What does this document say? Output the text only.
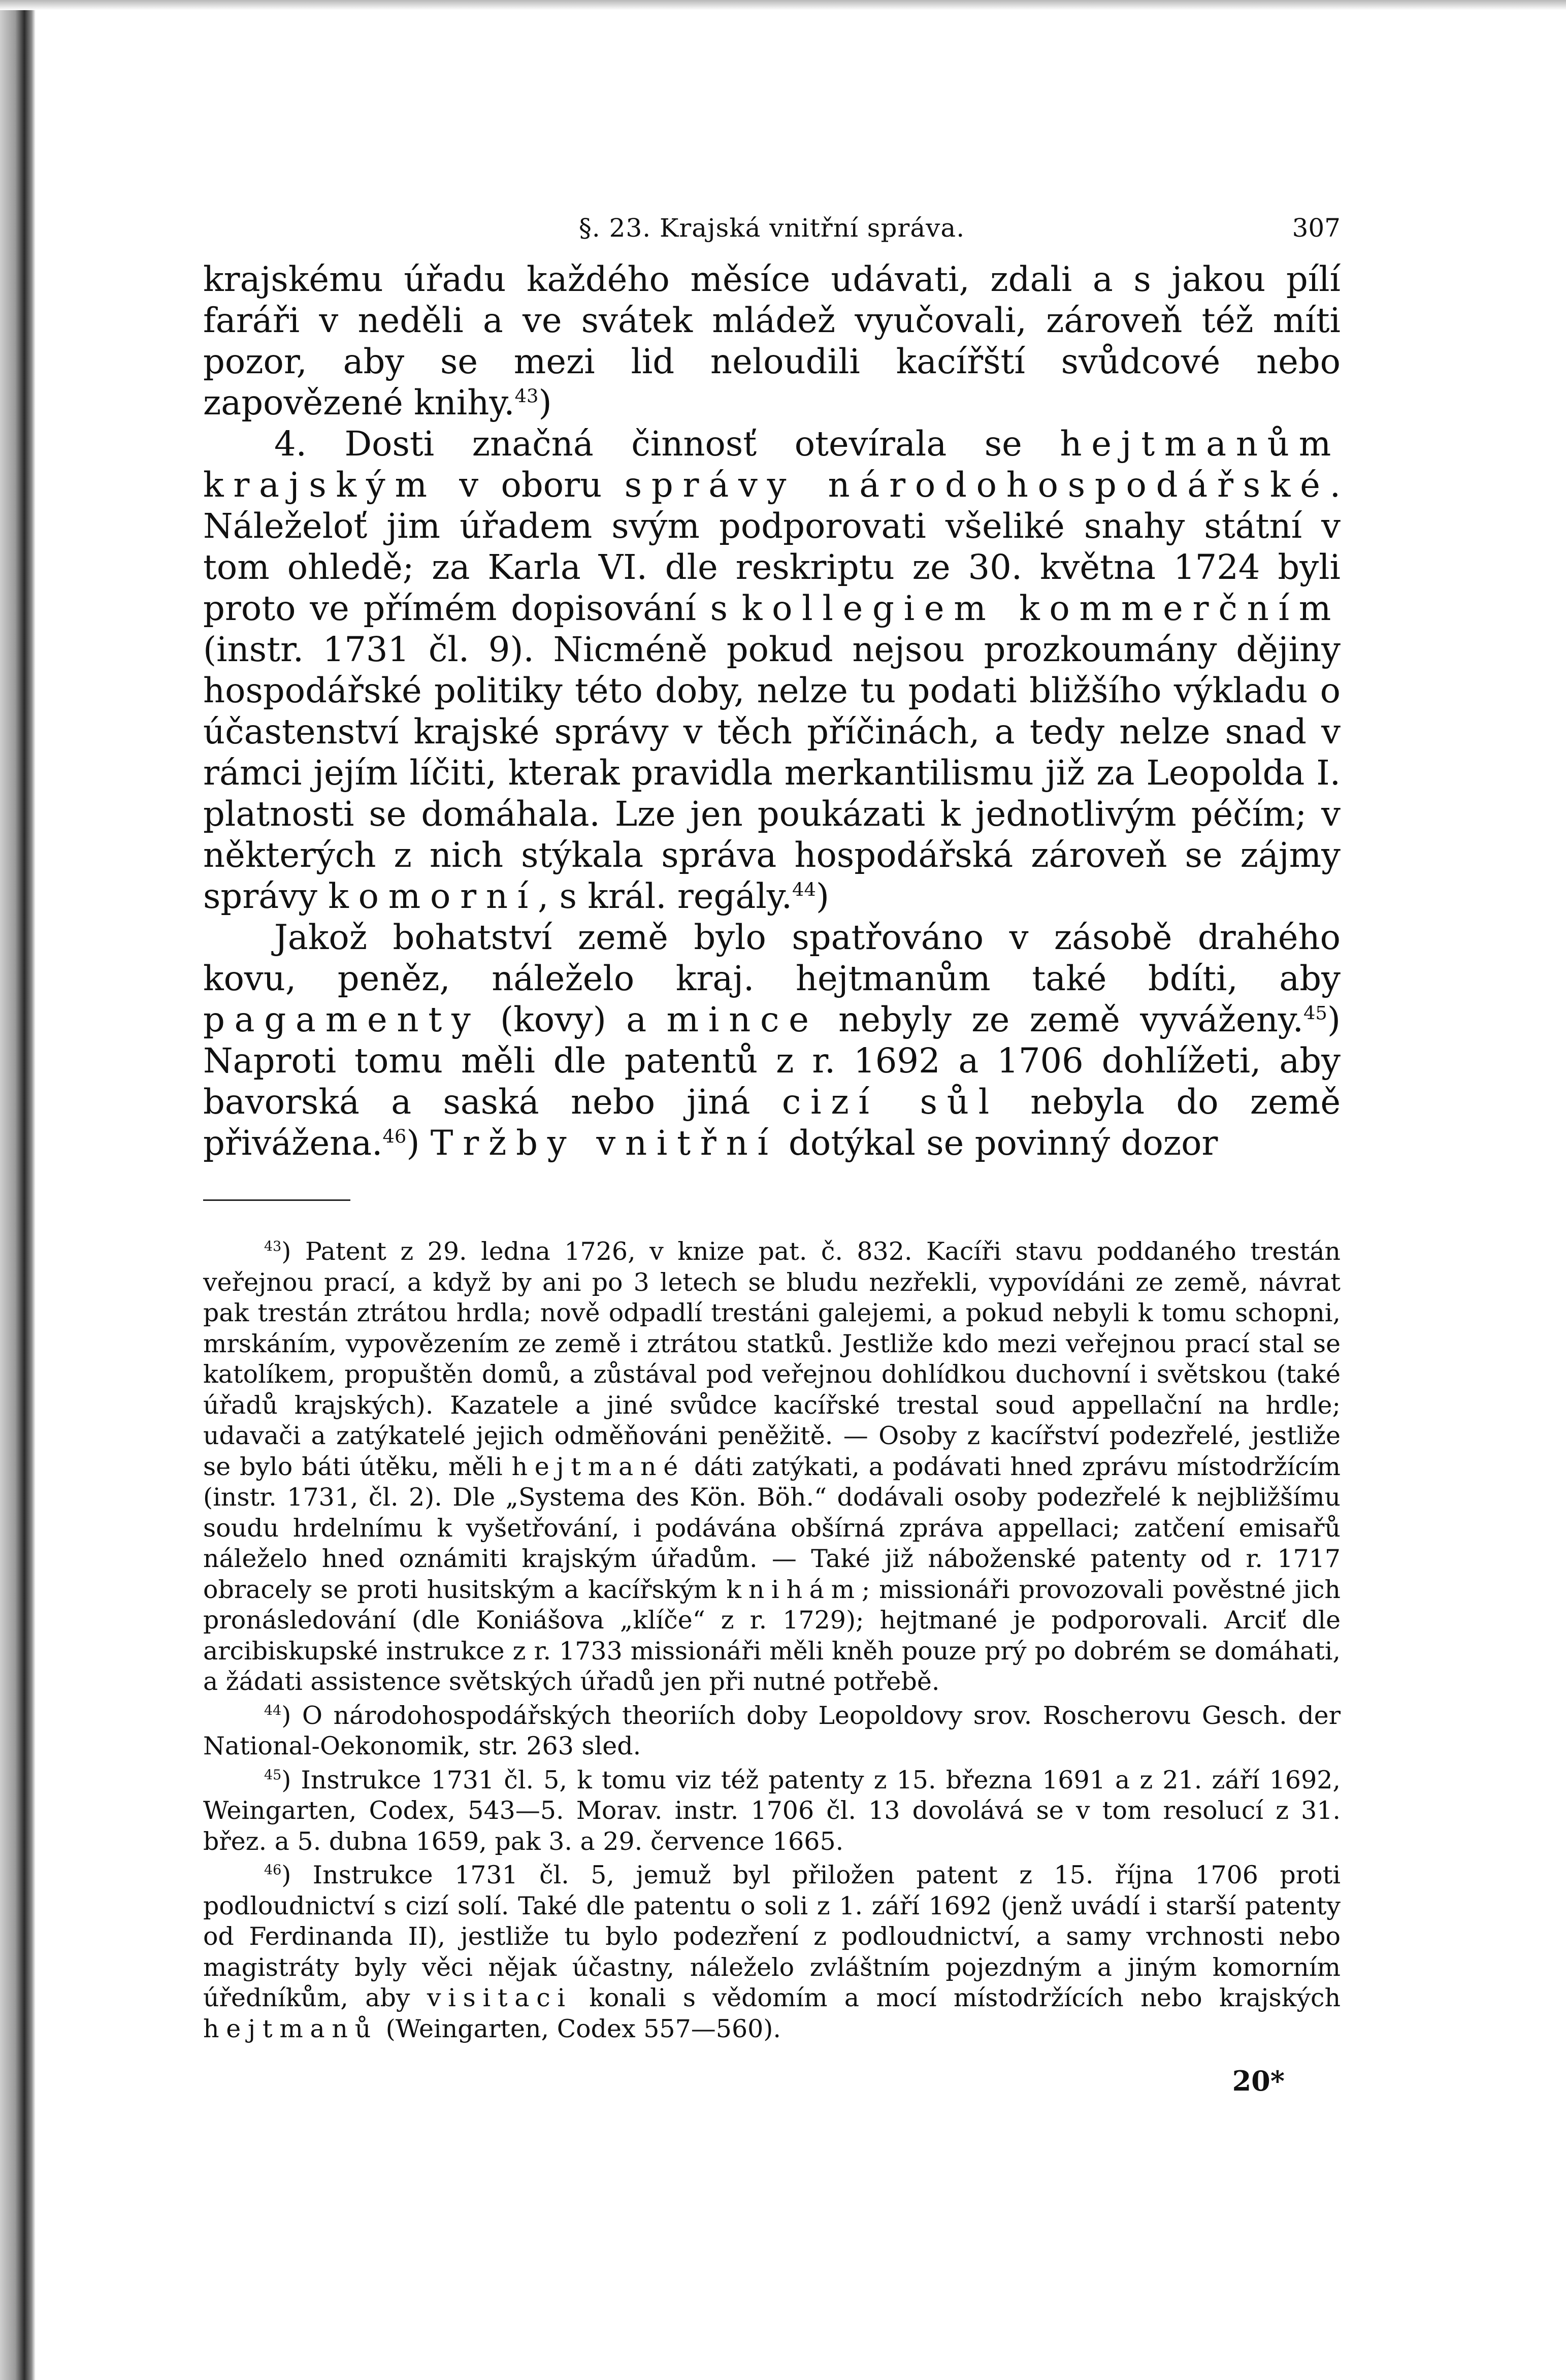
§. 23. Krajská vnitřní správa.	307

krajskému úřadu každého měsíce udávati, zdali a s jakou pílí faráři v neděli a ve svátek mládež vyučovali, zároveň též míti pozor, aby se mezi lid neloudili kacířští svůdcové nebo zapovězené knihy.$^{43}$)

4. Dosti značná činnosť otevírala se hejtmanům krajským v oboru správy národohospodářské. Náleželoť jim úřadem svým podporovati všeliké snahy státní v tom ohledě; za Karla VI. dle reskriptu ze 30. května 1724 byli proto ve přímém dopisování s kollegiem kommerčním (instr. 1731 čl. 9). Nicméně pokud nejsou prozkoumány dějiny hospodářské politiky této doby, nelze tu podati bližšího výkladu o účastenství krajské správy v těch příčinách, a tedy nelze snad v rámci jejím líčiti, kterak pravidla merkantilismu již za Leopolda I. platnosti se domáhala. Lze jen poukázati k jednotlivým péčím; v některých z nich stýkala správa hospodářská zároveň se zájmy správy komorní, s král. regály.$^{44}$)

Jakož bohatství země bylo spatřováno v zásobě drahého kovu, peněz, náleželo kraj. hejtmanům také bdíti, aby pagamenty (kovy) a mince nebyly ze země vyváženy.$^{45}$) Naproti tomu měli dle patentů z r. 1692 a 1706 dohlížeti, aby bavorská a saská nebo jiná cizí sůl nebyla do země přivážena.$^{46}$) Tržby vnitřní dotýkal se povinný dozor

$^{43}$) Patent z 29. ledna 1726, v knize pat. č. 832. Kacíři stavu poddaného trestán veřejnou prací, a když by ani po 3 letech se bludu nezřekli, vypovídáni ze země, návrat pak trestán ztrátou hrdla; nově odpadlí trestáni galejemi, a pokud nebyli k tomu schopni, mrskáním, vypovězením ze země i ztrátou statků. Jestliže kdo mezi veřejnou prací stal se katolíkem, propuštěn domů, a zůstával pod veřejnou dohlídkou duchovní i světskou (také úřadů krajských). Kazatele a jiné svůdce kacířské trestal soud appellační na hrdle; udavači a zatýkatelé jejich odměňováni peněžitě. — Osoby z kacířství podezřelé, jestliže se bylo báti útěku, měli hejtmané dáti zatýkati, a podávati hned zprávu místodržícím (instr. 1731, čl. 2). Dle „Systema des Kön. Böh.“ dodávali osoby podezřelé k nejbližšímu soudu hrdelnímu k vyšetřování, i podávána obšírná zpráva appellaci; zatčení emisařů náleželo hned oznámiti krajským úřadům. — Také již náboženské patenty od r. 1717 obracely se proti husitským a kacířským knihám; missionáři provozovali pověstné jich pronásledování (dle Koniášova „klíče“ z r. 1729); hejtmané je podporovali. Arciť dle arcibiskupské instrukce z r. 1733 missionáři měli kněh pouze prý po dobrém se domáhati, a žádati assistence světských úřadů jen při nutné potřebě.

$^{44}$) O národohospodářských theoriích doby Leopoldovy srov. Roscherovu Gesch. der National-Oekonomik, str. 263 sled.

$^{45}$) Instrukce 1731 čl. 5, k tomu viz též patenty z 15. března 1691 a z 21. září 1692, Weingarten, Codex, 543—5. Morav. instr. 1706 čl. 13 dovolává se v tom resolucí z 31. břez. a 5. dubna 1659, pak 3. a 29. července 1665.

$^{46}$) Instrukce 1731 čl. 5, jemuž byl přiložen patent z 15. října 1706 proti podloudnictví s cizí solí. Také dle patentu o soli z 1. září 1692 (jenž uvádí i starší patenty od Ferdinanda II), jestliže tu bylo podezření z podloudnictví, a samy vrchnosti nebo magistráty byly věci nějak účastny, náleželo zvláštním pojezdným a jiným komorním úředníkům, aby visitaci konali s vědomím a mocí místodržících nebo krajských hejtmanů (Weingarten, Codex 557—560).

20*
